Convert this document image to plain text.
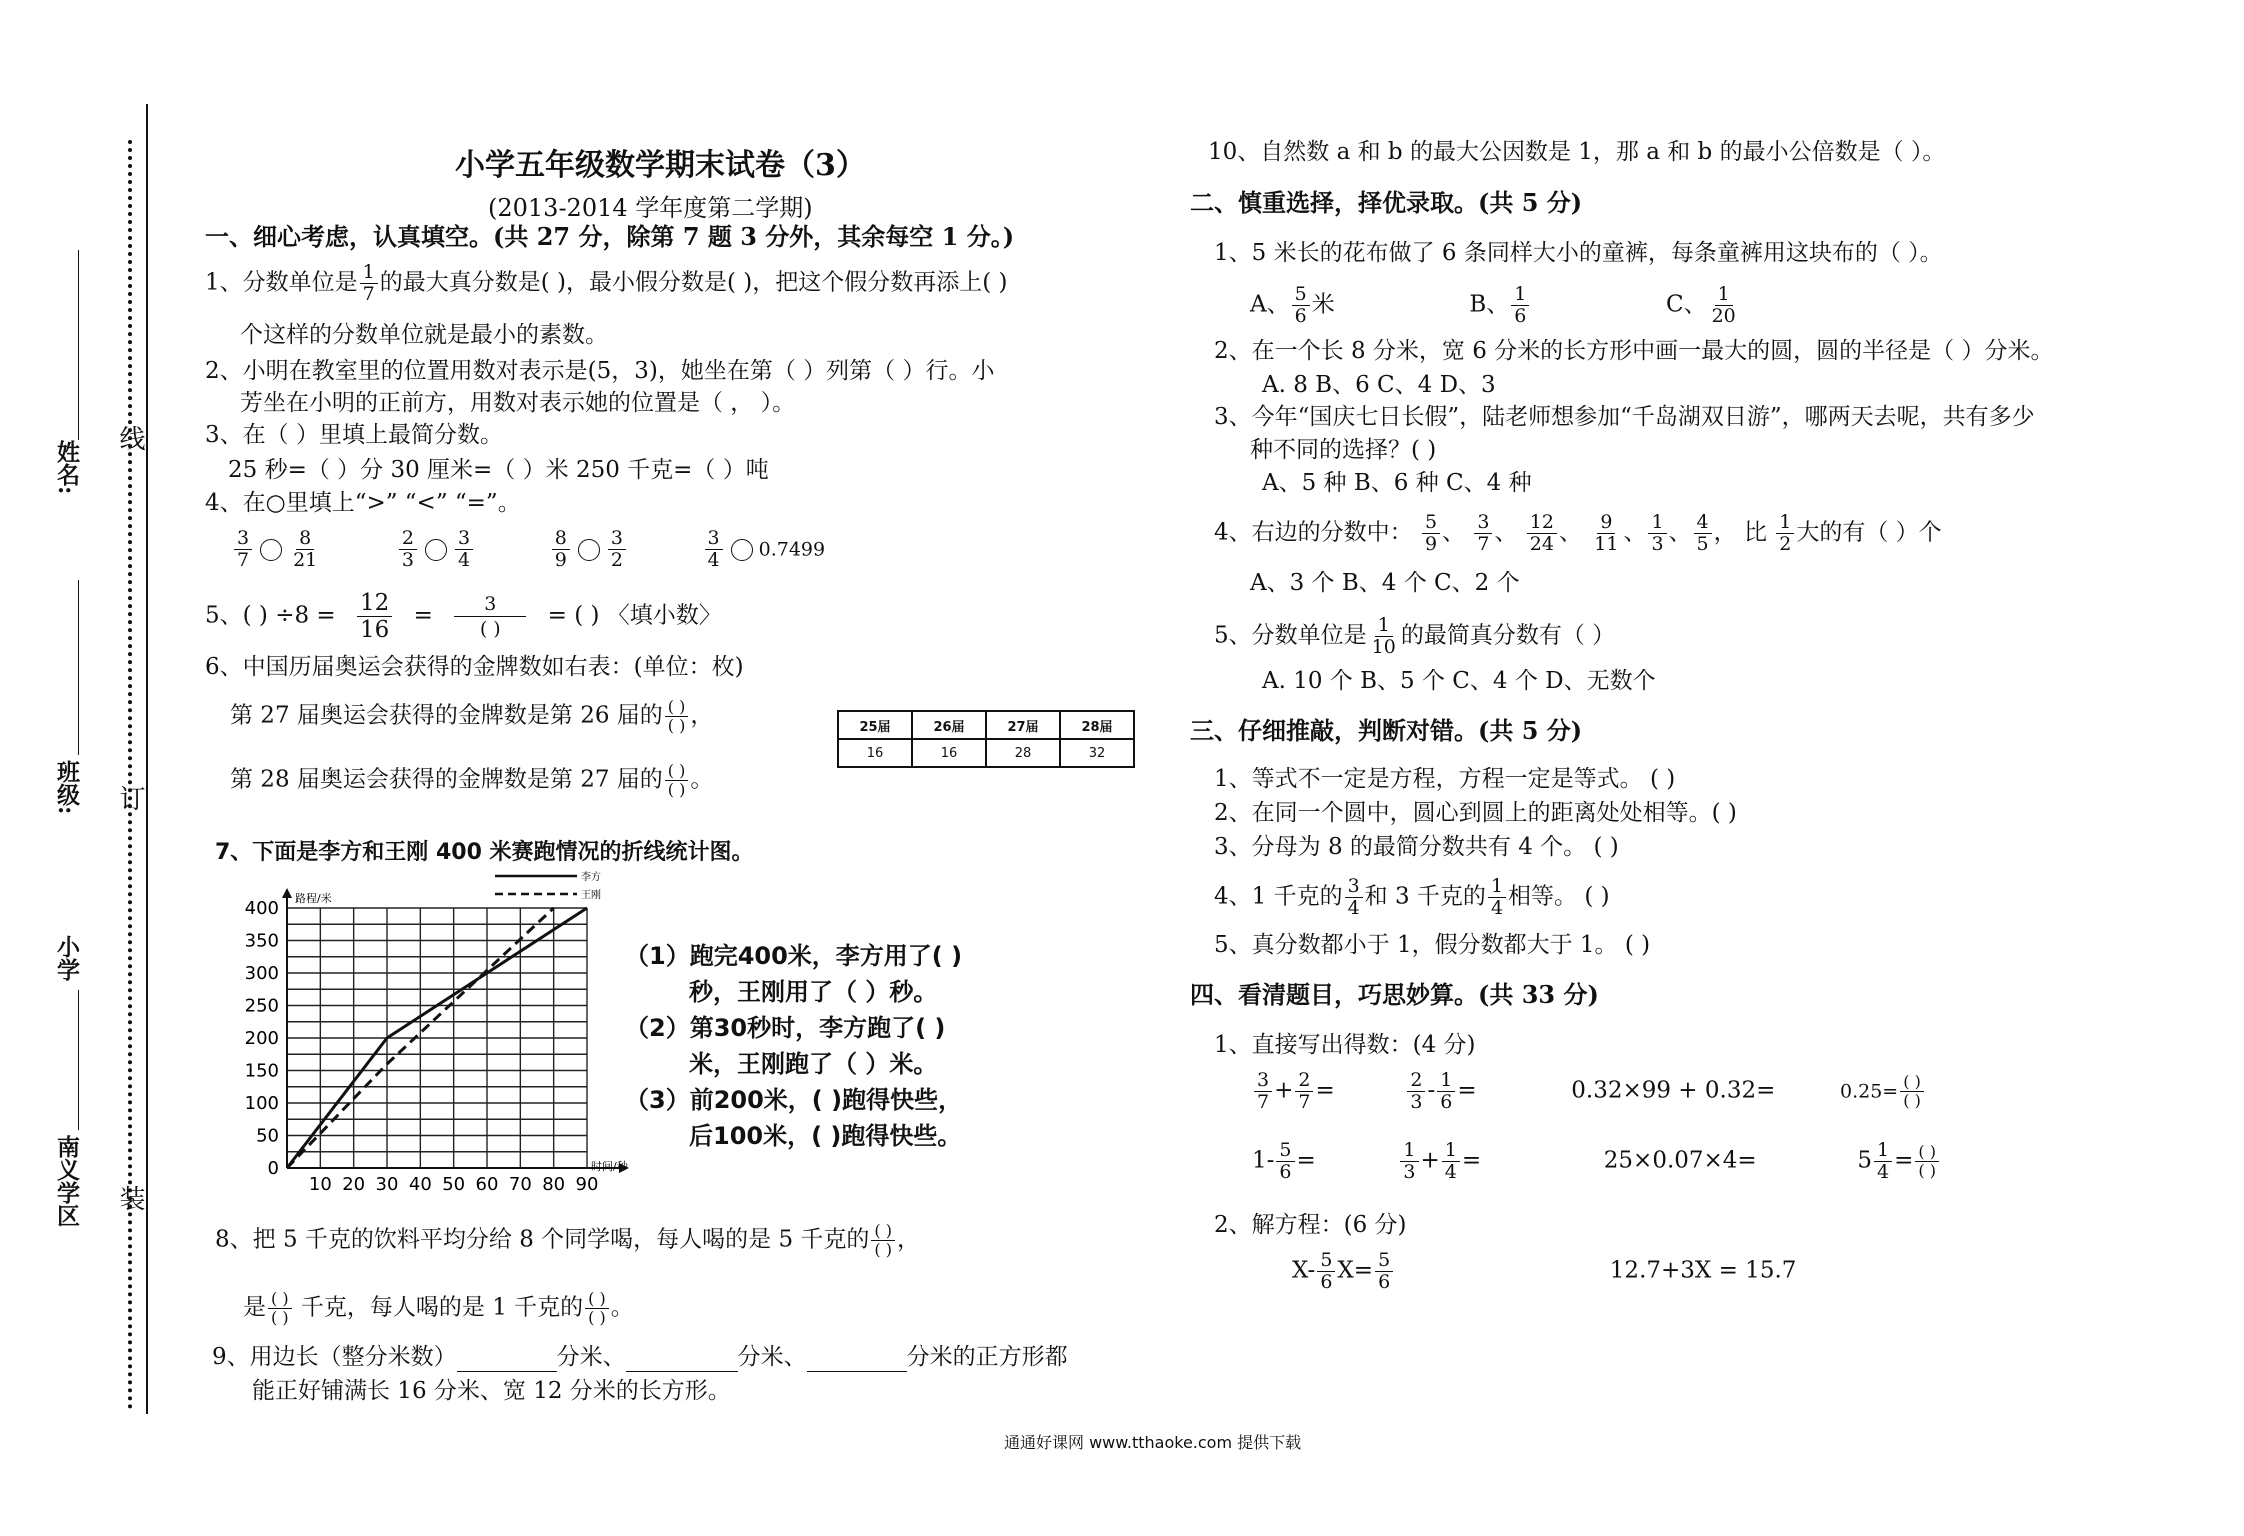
姓名:
班级:
小学
南义学区
线
订
装
小学五年级数学期末试卷（3）
(2013-2014 学年度第二学期)
一、细心考虑，认真填空。(共 27 分，除第 7 题 3 分外，其余每空 1 分。)
1、分数单位是 $\frac{1}{7}$ 的最大真分数是( )，最小假分数是( )，把这个假分数再添上( )
个这样的分数单位就是最小的素数。
2、小明在教室里的位置用数对表示是(5，3)，她坐在第（ ）列第（ ）行。小
芳坐在小明的正前方，用数对表示她的位置是（ ， ）。
3、在（ ）里填上最简分数。
25 秒=（ ）分 30 厘米=（ ）米 250 千克=（ ）吨
4、在○里填上“>” “<” “=”。
$\frac{3}{7} \frac{8}{21}$
	$\frac{2}{3} \frac{3}{4}$
	$\frac{8}{9} \frac{3}{2}$
	$\frac{3}{4} 0.7499$
5、( ) $\div 8 = \frac{12}{16} = \frac{3}{( )}$ = ( ) 〈填小数〉
6、中国历届奥运会获得的金牌数如右表：(单位：枚)
第 27 届奥运会获得的金牌数是第 26 届的 $\frac{( )}{( )}$ ，
第 28 届奥运会获得的金牌数是第 27 届的 $\frac{( )}{( )}$ 。
25届	26届	27届	28届
16	16	28	32
7、下面是李方和王刚 400 米赛跑情况的折线统计图。
0
50
100
150
200
250
300
350
400
10 20 30 40 50 60 70 80 90
路程/米
时间/秒
李方
王刚
（1）跑完400米，李方用了( )
秒，王刚用了（ ）秒。
（2）第30秒时，李方跑了( )
米，王刚跑了（ ）米。
（3）前200米，( )跑得快些，
后100米，( )跑得快些。
8、把 5 千克的饮料平均分给 8 个同学喝，每人喝的是 5 千克的 $\frac{( )}{( )}$ ，
是 $\frac{( )}{( )}$ 千克，每人喝的是 1 千克的 $\frac{( )}{( )}$ 。
9、用边长（整分米数）	分米、	分米、	分米的正方形都
能正好铺满长 16 分米、宽 12 分米的长方形。
10、自然数 a 和 b 的最大公因数是 1，那 a 和 b 的最小公倍数是（ ）。
二、慎重选择，择优录取。(共 5 分)
1、5 米长的花布做了 6 条同样大小的童裤，每条童裤用这块布的（ ）。
A、 $\frac{5}{6}$ 米	B、 $\frac{1}{6}$	C、 $\frac{1}{20}$
2、在一个长 8 分米，宽 6 分米的长方形中画一最大的圆，圆的半径是（ ）分米。
A. 8 B、6 C、4 D、3
3、今年“国庆七日长假”，陆老师想参加“千岛湖双日游”，哪两天去呢，共有多少
种不同的选择？( )
A、5 种 B、6 种 C、4 种
4、右边的分数中： $\frac{5}{9}$ 、 $\frac{3}{7}$ 、 $\frac{12}{24}$ 、 $\frac{9}{11}$ 、 $\frac{1}{3}$ 、 $\frac{4}{5}$ ， 比 $\frac{1}{2}$ 大的有（ ）个
A、3 个 B、4 个 C、2 个
5、分数单位是 $\frac{1}{10}$ 的最简真分数有（ ）
A. 10 个 B、5 个 C、4 个 D、无数个
三、仔细推敲，判断对错。(共 5 分)
1、等式不一定是方程，方程一定是等式。 ( )
2、在同一个圆中，圆心到圆上的距离处处相等。( )
3、分母为 8 的最简分数共有 4 个。 ( )
4、1 千克的 $\frac{3}{4}$ 和 3 千克的 $\frac{1}{4}$ 相等。 ( )
5、真分数都小于 1，假分数都大于 1。 ( )
四、看清题目，巧思妙算。(共 33 分)
1、直接写出得数：(4 分)
$\frac{3}{7} + \frac{2}{7}$ =	$\frac{2}{3} - \frac{1}{6}$ =	0.32×99 + 0.32=	$0.25= \frac{( )}{( )}$
$1- \frac{5}{6}$ =	$\frac{1}{3} + \frac{1}{4}$ =	25×0.07×4=	$5 \frac{1}{4} = \frac{( )}{( )}$
2、解方程：(6 分)
$X- \frac{5}{6} X= \frac{5}{6}$	12.7+3X = 15.7
通通好课网 www.tthaoke.com 提供下载
